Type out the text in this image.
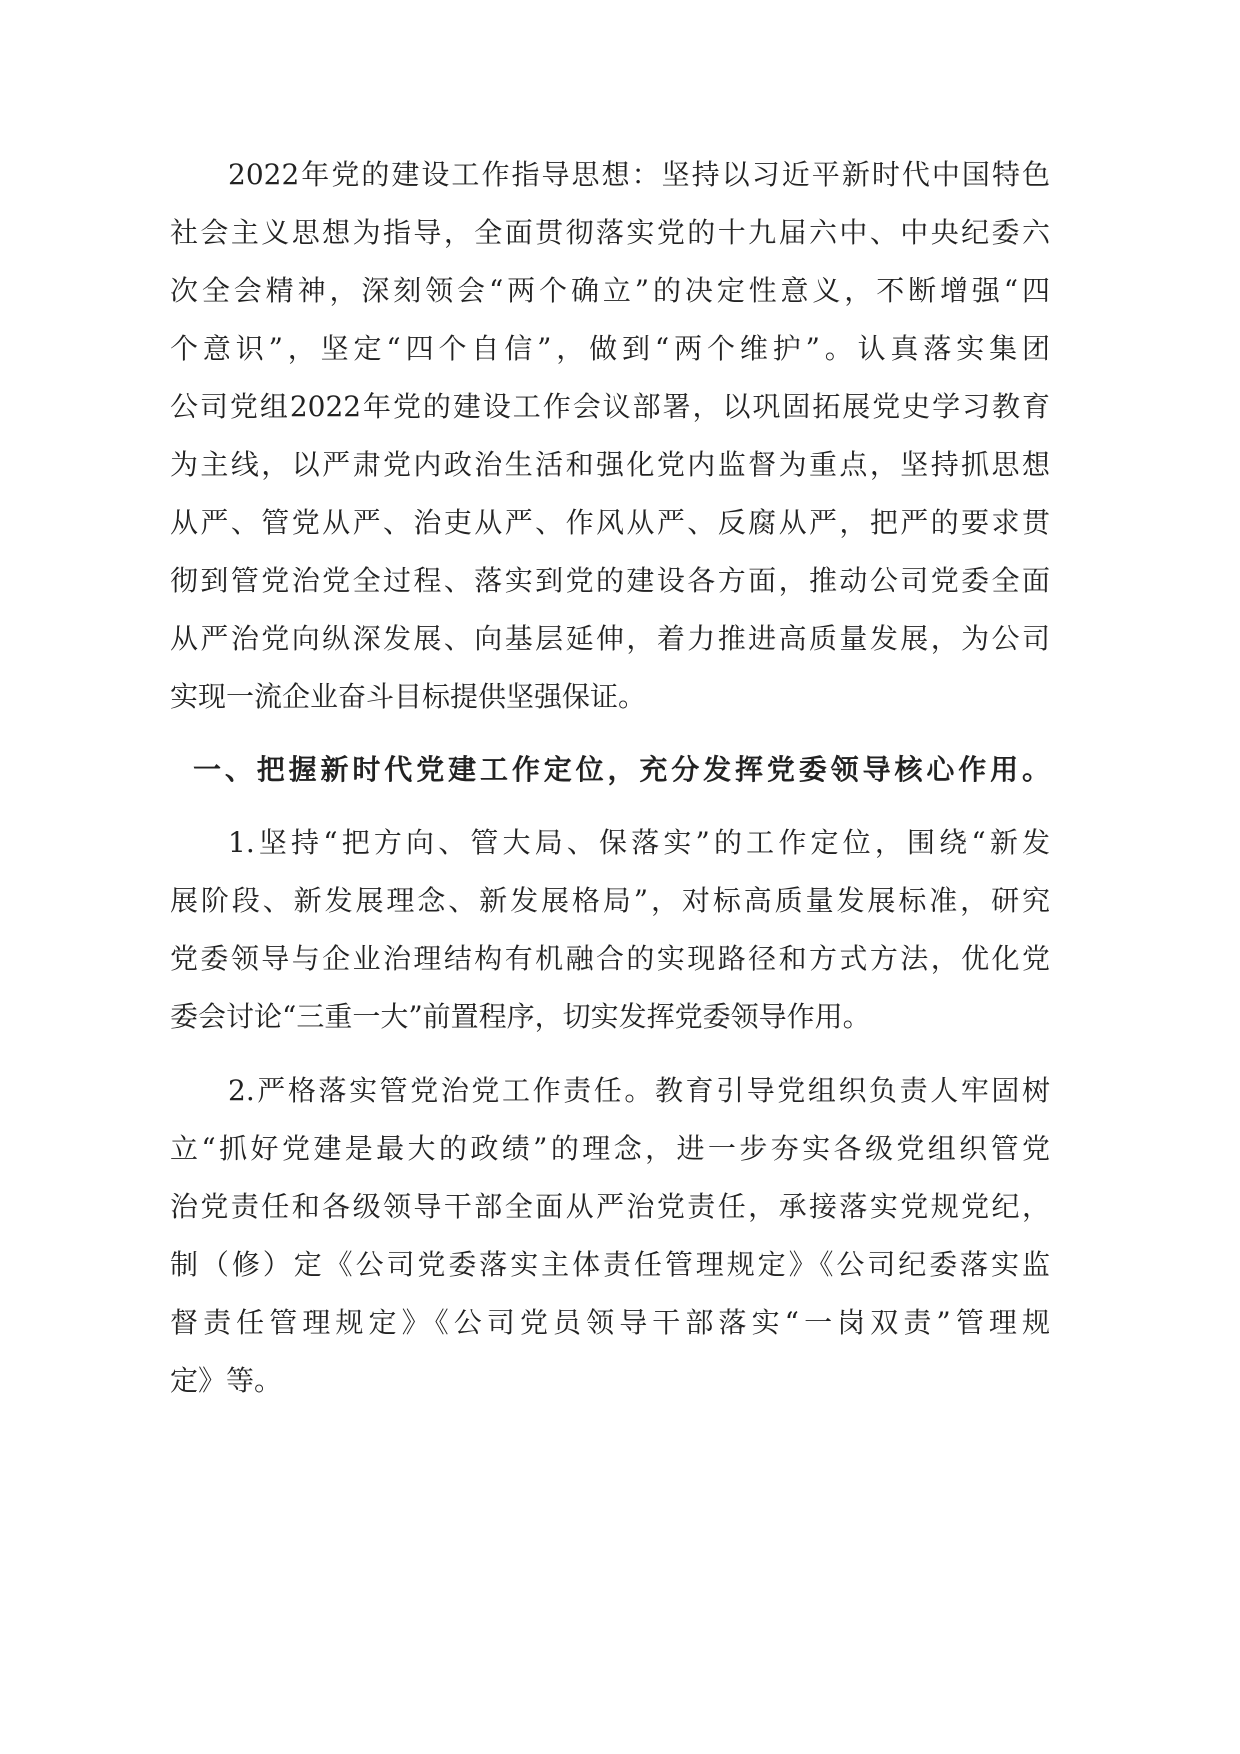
2022年党的建设工作指导思想：坚持以习近平新时代中国特色
社会主义思想为指导，全面贯彻落实党的十九届六中、中央纪委六
次全会精神，深刻领会“两个确立”的决定性意义，不断增强“四
个意识”，坚定“四个自信”，做到“两个维护”。认真落实集团
公司党组2022年党的建设工作会议部署，以巩固拓展党史学习教育
为主线，以严肃党内政治生活和强化党内监督为重点，坚持抓思想
从严、管党从严、治吏从严、作风从严、反腐从严，把严的要求贯
彻到管党治党全过程、落实到党的建设各方面，推动公司党委全面
从严治党向纵深发展、向基层延伸，着力推进高质量发展，为公司
实现一流企业奋斗目标提供坚强保证。
一、把握新时代党建工作定位，充分发挥党委领导核心作用。
1.坚持“把方向、管大局、保落实”的工作定位，围绕“新发
展阶段、新发展理念、新发展格局”，对标高质量发展标准，研究
党委领导与企业治理结构有机融合的实现路径和方式方法，优化党
委会讨论“三重一大”前置程序，切实发挥党委领导作用。
2.严格落实管党治党工作责任。教育引导党组织负责人牢固树
立“抓好党建是最大的政绩”的理念，进一步夯实各级党组织管党
治党责任和各级领导干部全面从严治党责任，承接落实党规党纪，
制（修）定《公司党委落实主体责任管理规定》《公司纪委落实监
督责任管理规定》《公司党员领导干部落实“一岗双责”管理规
定》等。
